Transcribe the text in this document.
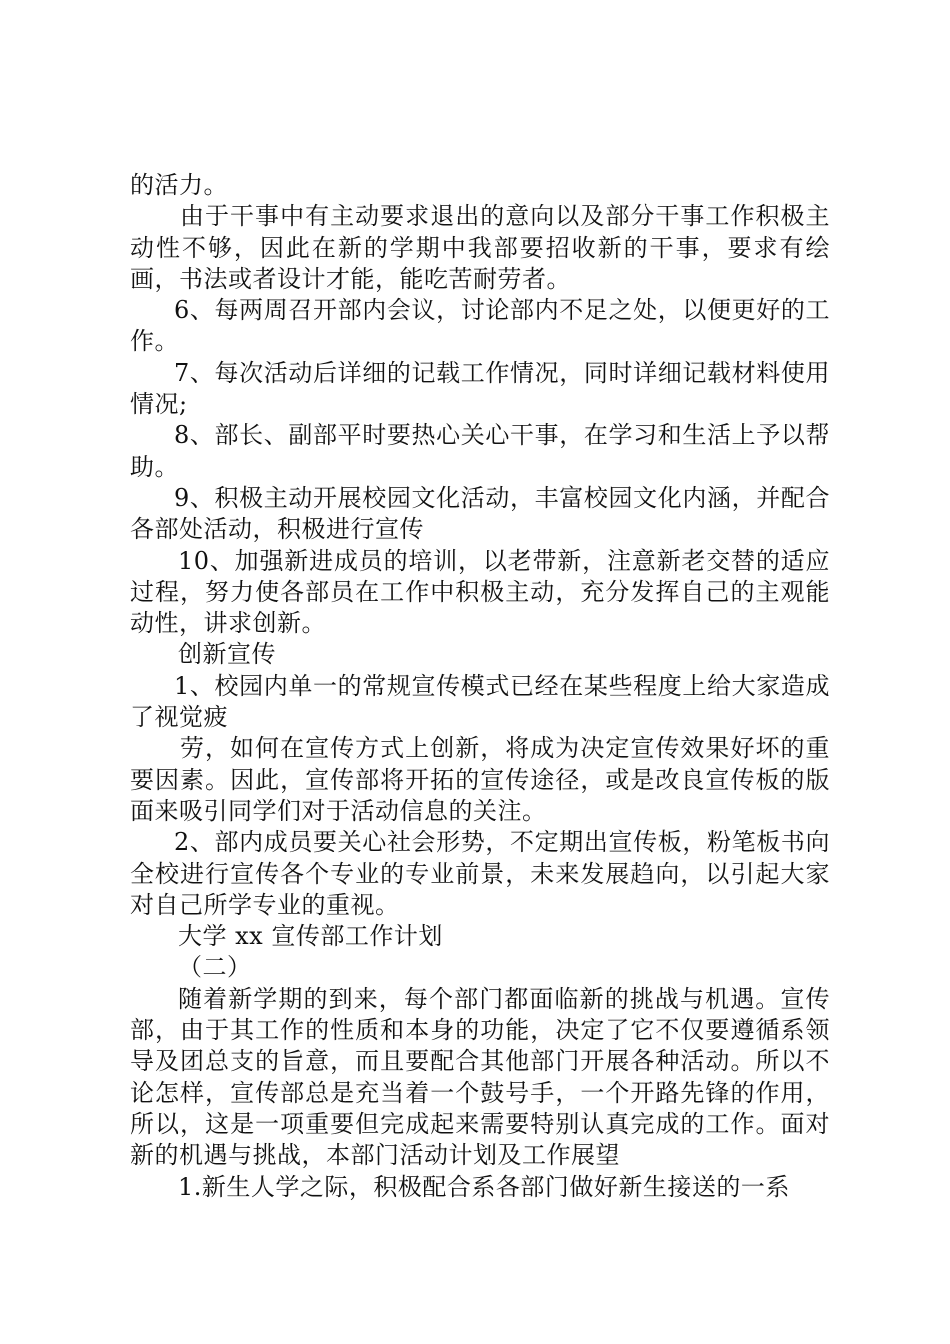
的活力。

由于干事中有主动要求退出的意向以及部分干事工作积极主动性不够，因此在新的学期中我部要招收新的干事，要求有绘画，书法或者设计才能，能吃苦耐劳者。

6、每两周召开部内会议，讨论部内不足之处，以便更好的工作。

7、每次活动后详细的记载工作情况，同时详细记载材料使用情况;

8、部长、副部平时要热心关心干事，在学习和生活上予以帮助。

9、积极主动开展校园文化活动，丰富校园文化内涵，并配合各部处活动，积极进行宣传

10、加强新进成员的培训，以老带新，注意新老交替的适应过程，努力使各部员在工作中积极主动，充分发挥自己的主观能动性，讲求创新。

创新宣传

1、校园内单一的常规宣传模式已经在某些程度上给大家造成了视觉疲

劳，如何在宣传方式上创新，将成为决定宣传效果好坏的重要因素。因此，宣传部将开拓的宣传途径，或是改良宣传板的版面来吸引同学们对于活动信息的关注。

2、部内成员要关心社会形势，不定期出宣传板，粉笔板书向全校进行宣传各个专业的专业前景，未来发展趋向，以引起大家对自己所学专业的重视。

大学 xx 宣传部工作计划

（二）

随着新学期的到来，每个部门都面临新的挑战与机遇。宣传部，由于其工作的性质和本身的功能，决定了它不仅要遵循系领导及团总支的旨意，而且要配合其他部门开展各种活动。所以不论怎样，宣传部总是充当着一个鼓号手，一个开路先锋的作用，所以，这是一项重要但完成起来需要特别认真完成的工作。面对新的机遇与挑战，本部门活动计划及工作展望

1.新生人学之际，积极配合系各部门做好新生接送的一系
